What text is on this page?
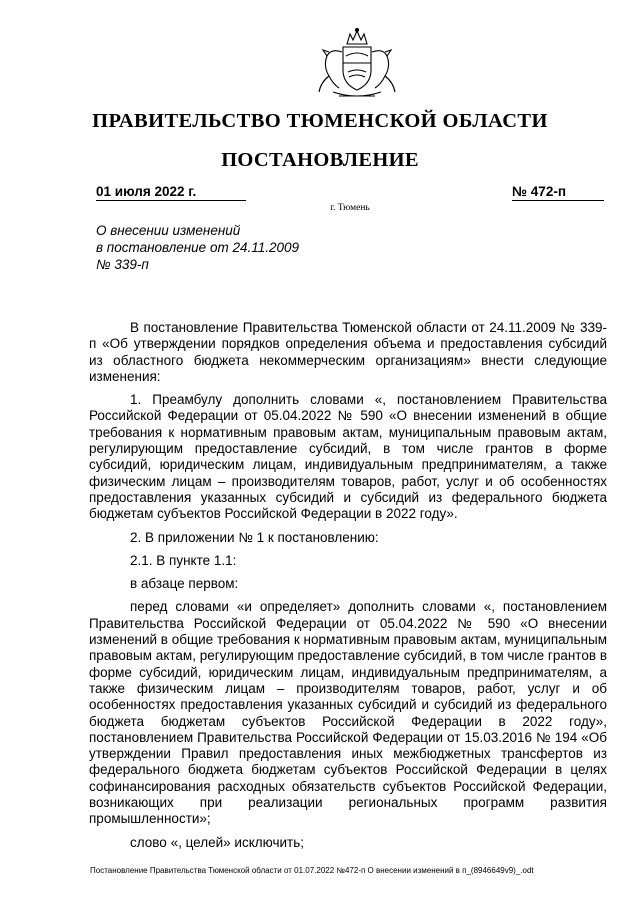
ПРАВИТЕЛЬСТВО ТЮМЕНСКОЙ ОБЛАСТИ
ПОСТАНОВЛЕНИЕ
01 июля 2022 г.	№ 472-п
г. Тюмень
О внесении изменений
в постановление от 24.11.2009
№ 339-п

В постановление Правительства Тюменской области от 24.11.2009 № 339-п «Об утверждении порядков определения объема и предоставления субсидий из областного бюджета некоммерческим организациям» внести следующие изменения:

1. Преамбулу дополнить словами «, постановлением Правительства Российской Федерации от 05.04.2022 № 590 «О внесении изменений в общие требования к нормативным правовым актам, муниципальным правовым актам, регулирующим предоставление субсидий, в том числе грантов в форме субсидий, юридическим лицам, индивидуальным предпринимателям, а также физическим лицам – производителям товаров, работ, услуг и об особенностях предоставления указанных субсидий и субсидий из федерального бюджета бюджетам субъектов Российской Федерации в 2022 году».

2. В приложении № 1 к постановлению:

2.1. В пункте 1.1:

в абзаце первом:

перед словами «и определяет» дополнить словами «, постановлением Правительства Российской Федерации от 05.04.2022 № 590 «О внесении изменений в общие требования к нормативным правовым актам, муниципальным правовым актам, регулирующим предоставление субсидий, в том числе грантов в форме субсидий, юридическим лицам, индивидуальным предпринимателям, а также физическим лицам – производителям товаров, работ, услуг и об особенностях предоставления указанных субсидий и субсидий из федерального бюджета бюджетам субъектов Российской Федерации в 2022 году», постановлением Правительства Российской Федерации от 15.03.2016 № 194 «Об утверждении Правил предоставления иных межбюджетных трансфертов из федерального бюджета бюджетам субъектов Российской Федерации в целях софинансирования расходных обязательств субъектов Российской Федерации, возникающих при реализации региональных программ развития промышленности»;

слово «, целей» исключить;

Постановление Правительства Тюменской области от 01.07.2022 №472-п О внесении изменений в п_(8946649v9)_.odt
